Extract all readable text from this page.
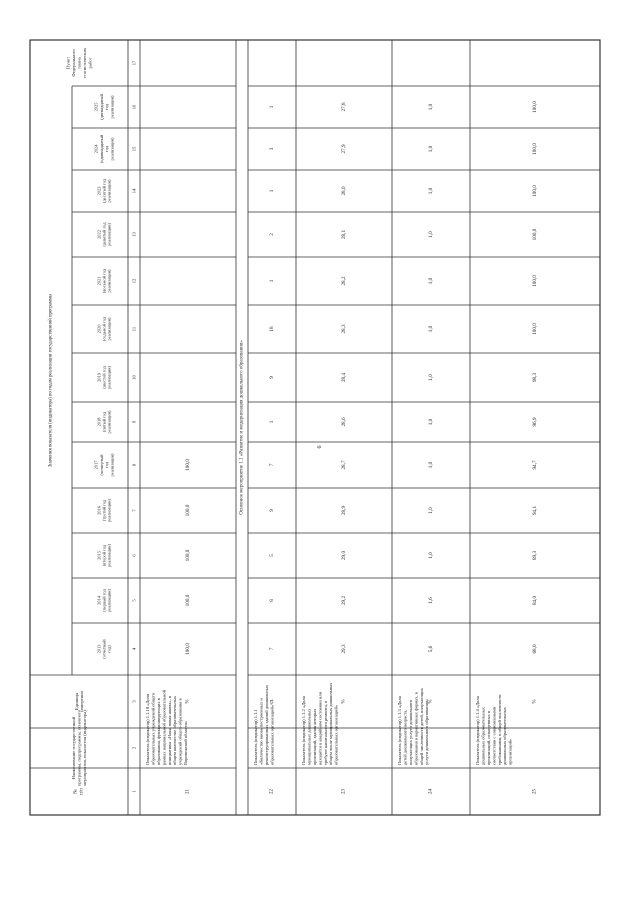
6
№ п/п
Наименование государственной программы, подпрограммы, основного мероприятия, показателя (индикатора)
Единица измерения
Значения показателя (индикатора) по годам реализации государственной программы
Пункт Федерального плана статистических работ
2013 (отчетный год)
2014 (первый год реализации)
2015 (второй год реализации)
2016 (третий год реализации)
2017 (четвертый год реализации)
2018 (пятый год реализации)
2019 (шестой год реализации)
2020 (седьмой год реализации)
2021 (восьмой год реализации)
2022 (девятый год реализации)
2023 (десятый год реализации)
2024 (одиннадцатый год реализации)
2025 (двенадцатый год реализации)
1
2
3
4
5
6
7
8
9
10
11
12
13
14
15
16
17
Основное мероприятие 1.1 «Развитие и модернизация дошкольного образования»
21
Показатель (индикатор) 1.1.10 «Доля образовательных учреждений общего образования, функционирующих в рамках национальной образовательной инициативы «Наша новая школа», в общем количестве образовательных учреждений общего образования в Воронежской области»
%
100,0
100,0
100,0
100,0
100,0
22
Показатель (индикатор) 1.1.1 «Количество вновь построенных и реконструированных зданий дошкольных образовательных организаций»
ед.
7
8
5
9
7
1
9
18
1
2
1
3
1
23
Показатель (индикатор) 1.1.2 «Доля муниципальных дошкольных организаций, здания которых находятся в аварийном состоянии или требуют капитального ремонта, в общем числе муниципальных дошкольных образовательных организаций»
%
29,3
29,2
29,0
28,9
28,7
28,6
28,4
28,3
28,2
28,1
28,0
27,9
27,8
24
Показатель (индикатор) 1.1.3 «Доля детей дошкольного возраста, получающих услуги дошкольного образования в вариативных формах, в общей численности детей, получающих услуги дошкольного образования» %
5,6
1,6
1,0
1,0
1,0
1,0
1,0
1,0
1,0
1,0
1,0
1,0
1,0
25
Показатель (индикатор) 1.1.4 «Доля дошкольных образовательных организаций, оснащенных в соответствии с современными требованиями, в общей численности дошкольных образовательных организаций»
%
68,0
84,0
89,3
94,1
94,7
96,9
98,3
100,0
100,0
100,0
100,0
100,0
100,0
